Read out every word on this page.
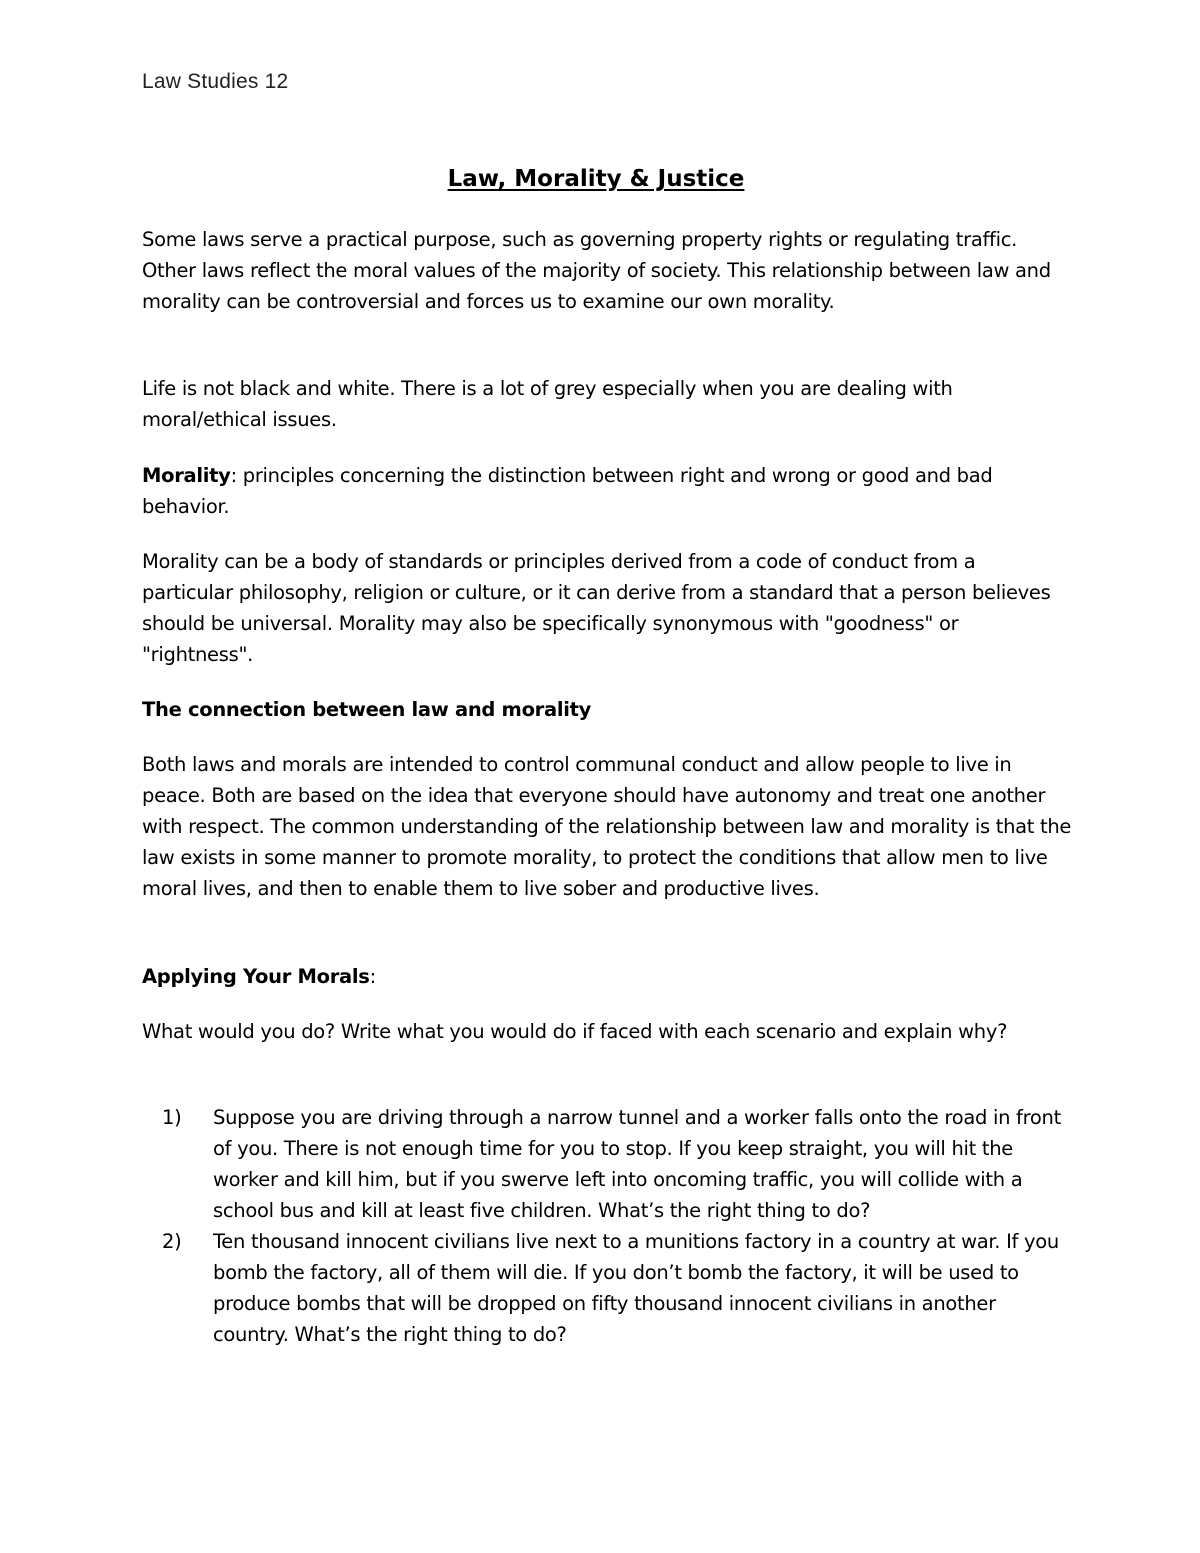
Law Studies 12
Law, Morality & Justice

Some laws serve a practical purpose, such as governing property rights or regulating traffic. Other laws reflect the moral values of the majority of society. This relationship between law and morality can be controversial and forces us to examine our own morality.

Life is not black and white. There is a lot of grey especially when you are dealing with moral/ethical issues.

Morality: principles concerning the distinction between right and wrong or good and bad behavior.

Morality can be a body of standards or principles derived from a code of conduct from a particular philosophy, religion or culture, or it can derive from a standard that a person believes should be universal. Morality may also be specifically synonymous with "goodness" or "rightness".

The connection between law and morality

Both laws and morals are intended to control communal conduct and allow people to live in peace. Both are based on the idea that everyone should have autonomy and treat one another with respect. The common understanding of the relationship between law and morality is that the law exists in some manner to promote morality, to protect the conditions that allow men to live moral lives, and then to enable them to live sober and productive lives.

Applying Your Morals:

What would you do? Write what you would do if faced with each scenario and explain why?

1) Suppose you are driving through a narrow tunnel and a worker falls onto the road in front of you. There is not enough time for you to stop. If you keep straight, you will hit the worker and kill him, but if you swerve left into oncoming traffic, you will collide with a school bus and kill at least five children. What’s the right thing to do?
2) Ten thousand innocent civilians live next to a munitions factory in a country at war. If you bomb the factory, all of them will die. If you don’t bomb the factory, it will be used to produce bombs that will be dropped on fifty thousand innocent civilians in another country. What’s the right thing to do?
